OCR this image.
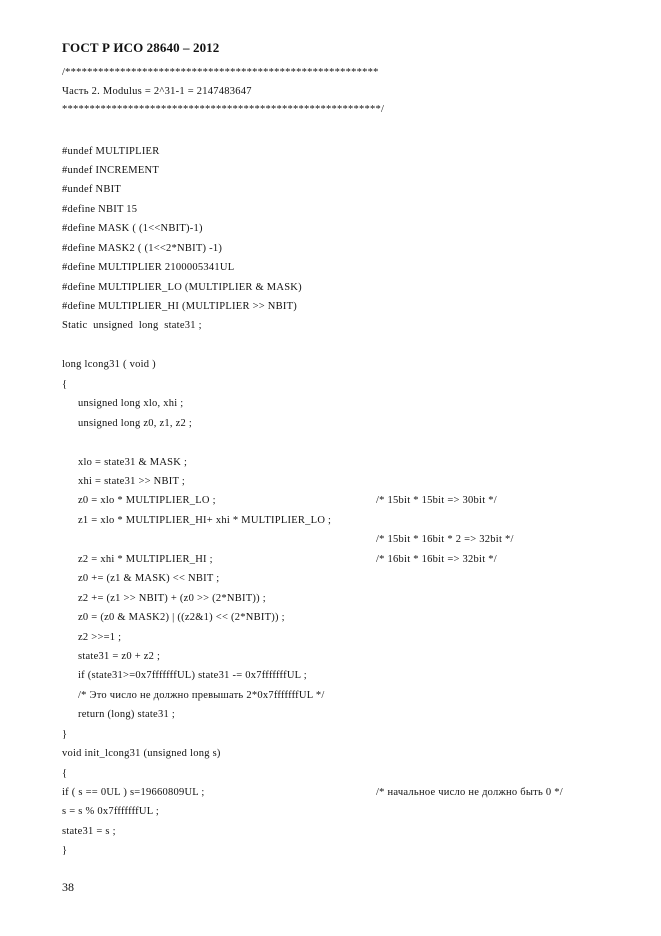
ГОСТ Р ИСО 28640 – 2012
/*********************************************************
Часть 2. Modulus = 2^31-1 = 2147483647
**********************************************************/
#undef MULTIPLIER
#undef INCREMENT
#undef NBIT
#define NBIT 15
#define MASK ( (1<<NBIT)-1)
#define MASK2 ( (1<<2*NBIT) -1)
#define MULTIPLIER 2100005341UL
#define MULTIPLIER_LO (MULTIPLIER & MASK)
#define MULTIPLIER_HI (MULTIPLIER >> NBIT)
Static  unsigned  long  state31 ;
long lcong31 ( void )
{
unsigned long xlo, xhi ;
unsigned long z0, z1, z2 ;
xlo = state31 & MASK ;
xhi = state31 >> NBIT ;
z0 = xlo * MULTIPLIER_LO ;	/* 15bit * 15bit => 30bit */
z1 = xlo * MULTIPLIER_HI+ xhi * MULTIPLIER_LO ;
/* 15bit * 16bit * 2 => 32bit */
z2 = xhi * MULTIPLIER_HI ;	/* 16bit * 16bit => 32bit */
z0 += (z1 & MASK) << NBIT ;
z2 += (z1 >> NBIT) + (z0 >> (2*NBIT)) ;
z0 = (z0 & MASK2) | ((z2&1) << (2*NBIT)) ;
z2 >>=1 ;
state31 = z0 + z2 ;
if (state31>=0x7fffffffUL) state31 -= 0x7fffffffUL ;
/* Это число не должно превышать 2*0x7fffffffUL */
return (long) state31 ;
}
void init_lcong31 (unsigned long s)
{
if ( s == 0UL ) s=19660809UL ;	/* начальное число не должно быть 0 */
s = s % 0x7fffffffUL ;
state31 = s ;
}
38
